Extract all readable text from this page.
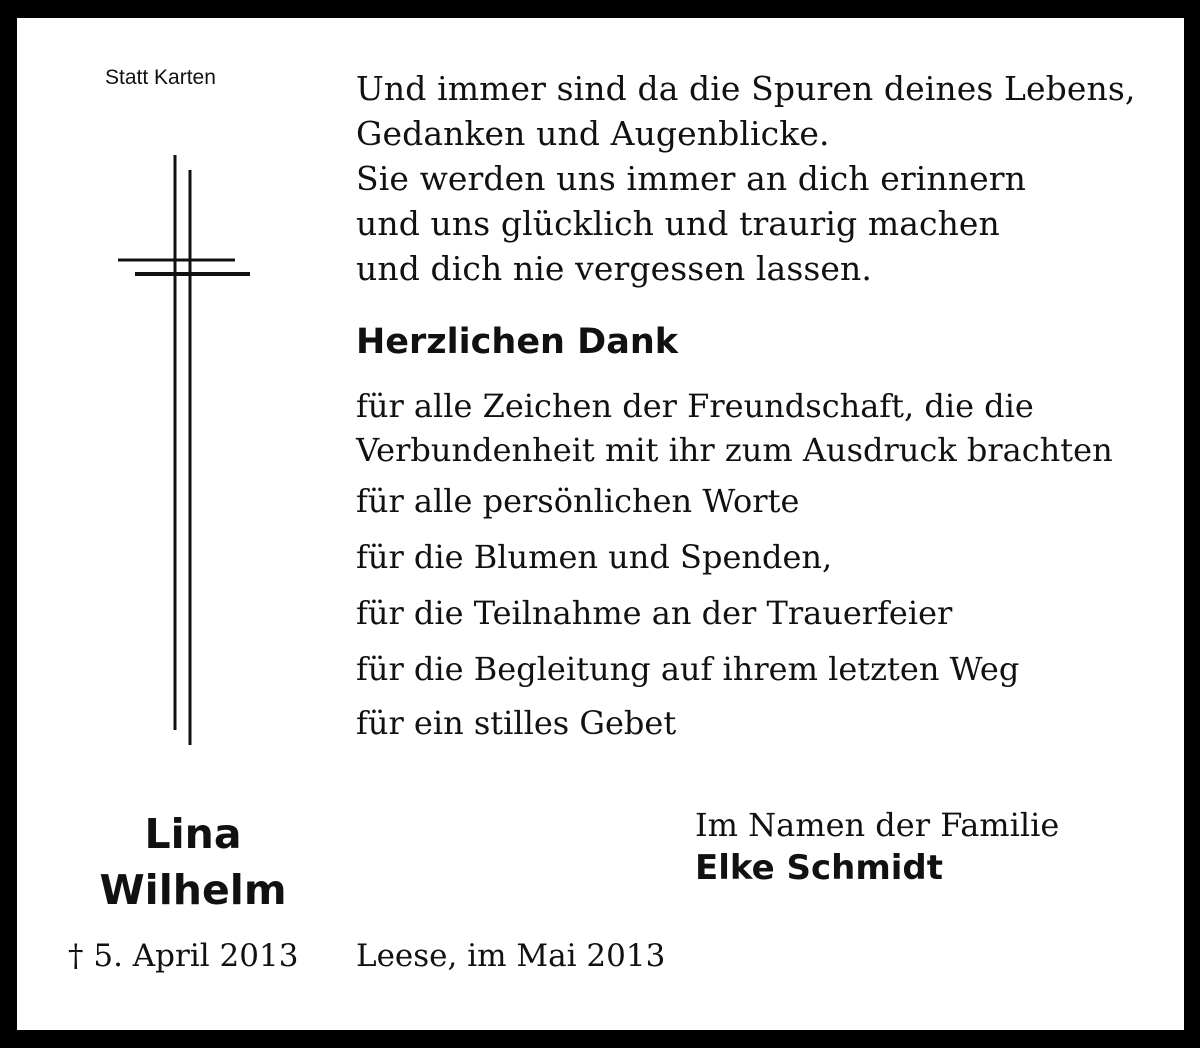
Statt Karten	Und immer sind da die Spuren deines Lebens,
Gedanken und Augenblicke.
Sie werden uns immer an dich erinnern
und uns glücklich und traurig machen
und dich nie vergessen lassen.

Herzlichen Dank

für alle Zeichen der Freundschaft, die die
Verbundenheit mit ihr zum Ausdruck brachten

für alle persönlichen Worte

für die Blumen und Spenden,

für die Teilnahme an der Trauerfeier

für die Begleitung auf ihrem letzten Weg

für ein stilles Gebet

Lina

Wilhelm

† 5. April 2013

Im Namen der Familie

Elke Schmidt

Leese, im Mai 2013
